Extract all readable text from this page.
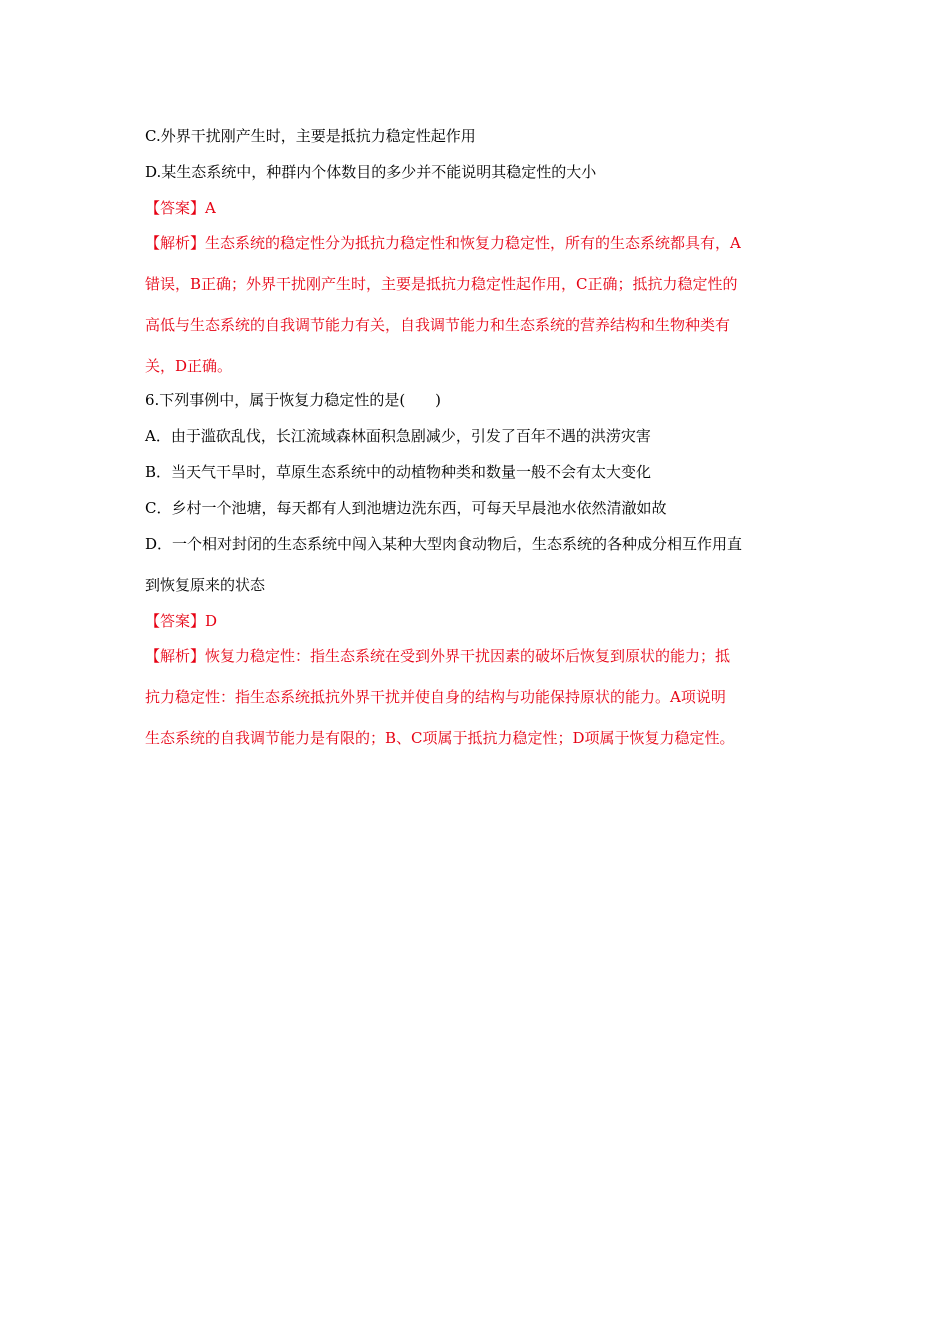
C.外界干扰刚产生时，主要是抵抗力稳定性起作用

D.某生态系统中，种群内个体数目的多少并不能说明其稳定性的大小

【答案】A

【解析】生态系统的稳定性分为抵抗力稳定性和恢复力稳定性，所有的生态系统都具有，A

错误，B正确；外界干扰刚产生时，主要是抵抗力稳定性起作用，C正确；抵抗力稳定性的

高低与生态系统的自我调节能力有关，自我调节能力和生态系统的营养结构和生物种类有

关，D正确。

6.下列事例中，属于恢复力稳定性的是(　　)

A．由于滥砍乱伐，长江流域森林面积急剧减少，引发了百年不遇的洪涝灾害

B．当天气干旱时，草原生态系统中的动植物种类和数量一般不会有太大变化

C．乡村一个池塘，每天都有人到池塘边洗东西，可每天早晨池水依然清澈如故

D．一个相对封闭的生态系统中闯入某种大型肉食动物后，生态系统的各种成分相互作用直

到恢复原来的状态

【答案】D

【解析】恢复力稳定性：指生态系统在受到外界干扰因素的破坏后恢复到原状的能力；抵

抗力稳定性：指生态系统抵抗外界干扰并使自身的结构与功能保持原状的能力。A项说明

生态系统的自我调节能力是有限的；B、C项属于抵抗力稳定性；D项属于恢复力稳定性。
